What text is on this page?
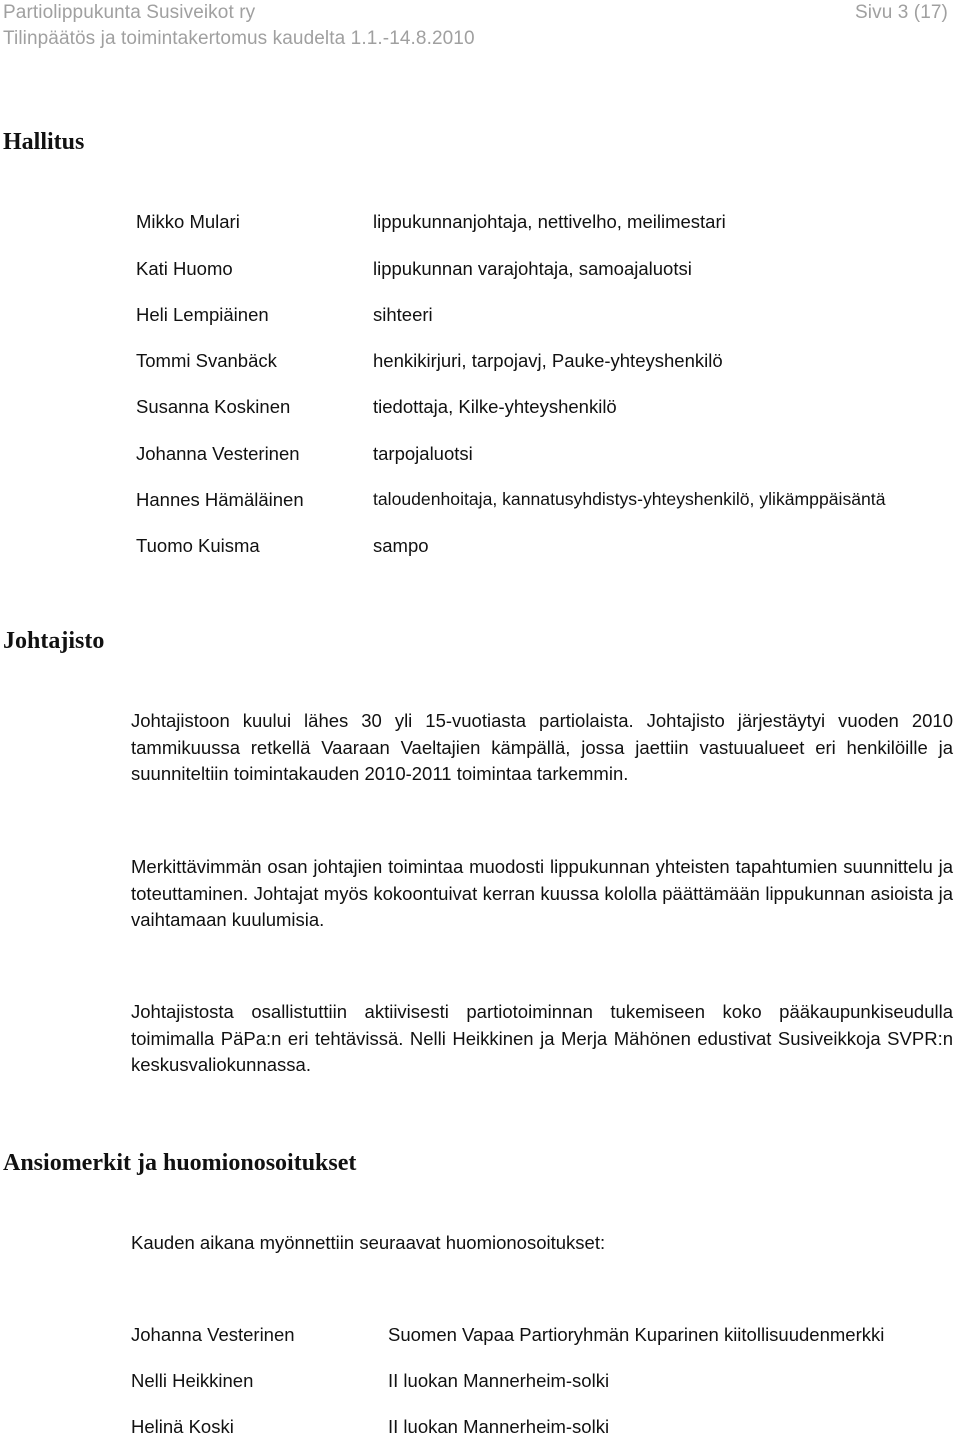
Partiolippukunta Susiveikot ry	Sivu 3 (17)
Tilinpäätös ja toimintakertomus kaudelta 1.1.-14.8.2010
Hallitus
Mikko Mulari	lippukunnanjohtaja, nettivelho, meilimestari
Kati Huomo	lippukunnan varajohtaja, samoajaluotsi
Heli Lempiäinen	sihteeri
Tommi Svanbäck	henkikirjuri, tarpojavj, Pauke-yhteyshenkilö
Susanna Koskinen	tiedottaja, Kilke-yhteyshenkilö
Johanna Vesterinen	tarpojaluotsi
Hannes Hämäläinen	taloudenhoitaja, kannatusyhdistys-yhteyshenkilö, ylikämppäisäntä
Tuomo Kuisma	sampo
Johtajisto
Johtajistoon kuului lähes 30 yli 15-vuotiasta partiolaista. Johtajisto järjestäytyi vuoden 2010 tammikuussa retkellä Vaaraan Vaeltajien kämpällä, jossa jaettiin vastuualueet eri henkilöille ja suunniteltiin toimintakauden 2010-2011 toimintaa tarkemmin.
Merkittävimmän osan johtajien toimintaa muodosti lippukunnan yhteisten tapahtumien suunnittelu ja toteuttaminen. Johtajat myös kokoontuivat kerran kuussa kololla päättämään lippukunnan asioista ja vaihtamaan kuulumisia.
Johtajistosta osallistuttiin aktiivisesti partiotoiminnan tukemiseen koko pääkaupunkiseudulla toimimalla PäPa:n eri tehtävissä. Nelli Heikkinen ja Merja Mähönen edustivat Susiveikkoja SVPR:n keskusvaliokunnassa.
Ansiomerkit ja huomionosoitukset
Kauden aikana myönnettiin seuraavat huomionosoitukset:
Johanna Vesterinen	Suomen Vapaa Partioryhmän Kuparinen kiitollisuudenmerkki
Nelli Heikkinen	II luokan Mannerheim-solki
Helinä Koski	II luokan Mannerheim-solki
